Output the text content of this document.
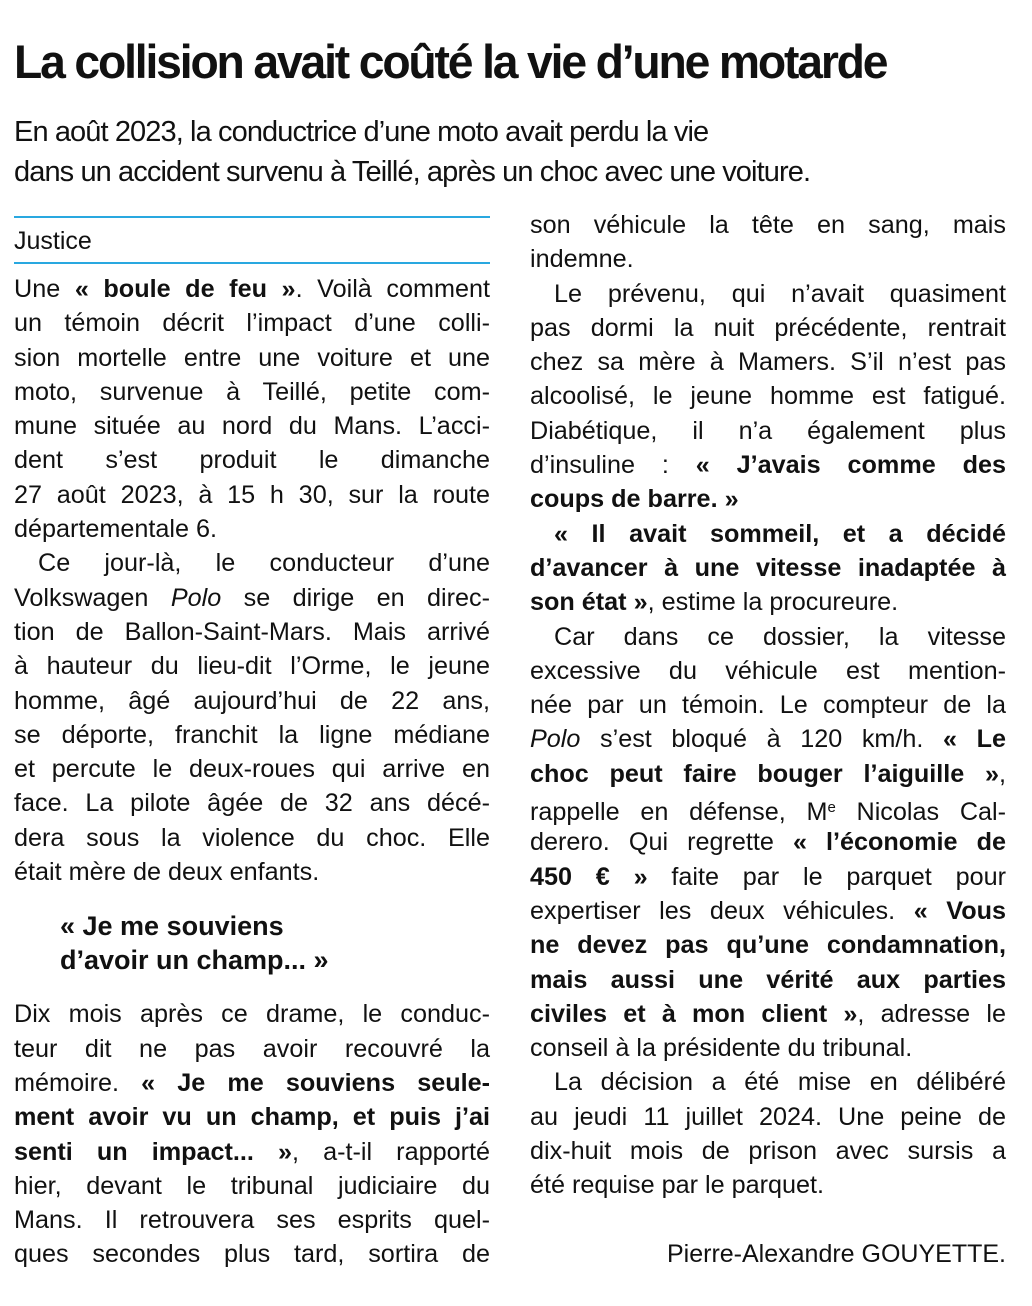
La collision avait coûté la vie d’une motarde
En août 2023, la conductrice d’une moto avait perdu la vie
dans un accident survenu à Teillé, après un choc avec une voiture.
Justice
Une « boule de feu ». Voilà comment
un témoin décrit l’impact d’une colli-
sion mortelle entre une voiture et une
moto, survenue à Teillé, petite com-
mune située au nord du Mans. L’acci-
dent s’est produit le dimanche
27 août 2023, à 15 h 30, sur la route
départementale 6.
Ce jour-là, le conducteur d’une
Volkswagen Polo se dirige en direc-
tion de Ballon-Saint-Mars. Mais arrivé
à hauteur du lieu-dit l’Orme, le jeune
homme, âgé aujourd’hui de 22 ans,
se déporte, franchit la ligne médiane
et percute le deux-roues qui arrive en
face. La pilote âgée de 32 ans décé-
dera sous la violence du choc. Elle
était mère de deux enfants.
« Je me souviens
d’avoir un champ... »
Dix mois après ce drame, le conduc-
teur dit ne pas avoir recouvré la
mémoire. « Je me souviens seule-
ment avoir vu un champ, et puis j’ai
senti un impact... », a-t-il rapporté
hier, devant le tribunal judiciaire du
Mans. Il retrouvera ses esprits quel-
ques secondes plus tard, sortira de
son véhicule la tête en sang, mais
indemne.
Le prévenu, qui n’avait quasiment
pas dormi la nuit précédente, rentrait
chez sa mère à Mamers. S’il n’est pas
alcoolisé, le jeune homme est fatigué.
Diabétique, il n’a également plus
d’insuline : « J’avais comme des
coups de barre. »
« Il avait sommeil, et a décidé
d’avancer à une vitesse inadaptée à
son état », estime la procureure.
Car dans ce dossier, la vitesse
excessive du véhicule est mention-
née par un témoin. Le compteur de la
Polo s’est bloqué à 120 km/h. « Le
choc peut faire bouger l’aiguille »,
rappelle en défense, Me Nicolas Cal-
derero. Qui regrette « l’économie de
450 € » faite par le parquet pour
expertiser les deux véhicules. « Vous
ne devez pas qu’une condamnation,
mais aussi une vérité aux parties
civiles et à mon client », adresse le
conseil à la présidente du tribunal.
La décision a été mise en délibéré
au jeudi 11 juillet 2024. Une peine de
dix-huit mois de prison avec sursis a
été requise par le parquet.
Pierre-Alexandre GOUYETTE.
